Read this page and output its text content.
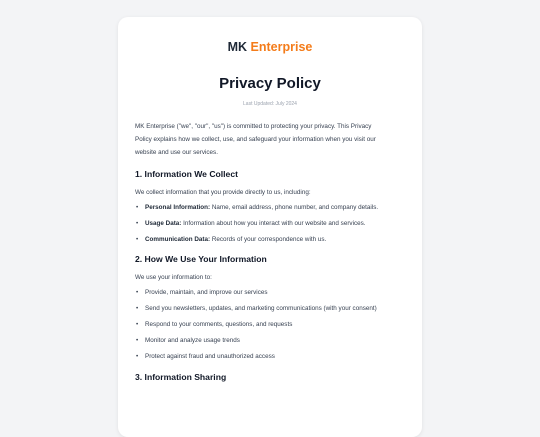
MK Enterprise
Privacy Policy
Last Updated: July 2024
MK Enterprise ("we", "our", "us") is committed to protecting your privacy. This Privacy
Policy explains how we collect, use, and safeguard your information when you visit our
website and use our services.
1. Information We Collect

We collect information that you provide directly to us, including:

• Personal Information: Name, email address, phone number, and company details.
• Usage Data: Information about how you interact with our website and services.
• Communication Data: Records of your correspondence with us.
2. How We Use Your Information

We use your information to:

• Provide, maintain, and improve our services
• Send you newsletters, updates, and marketing communications (with your consent)
• Respond to your comments, questions, and requests
• Monitor and analyze usage trends
• Protect against fraud and unauthorized access
3. Information Sharing
